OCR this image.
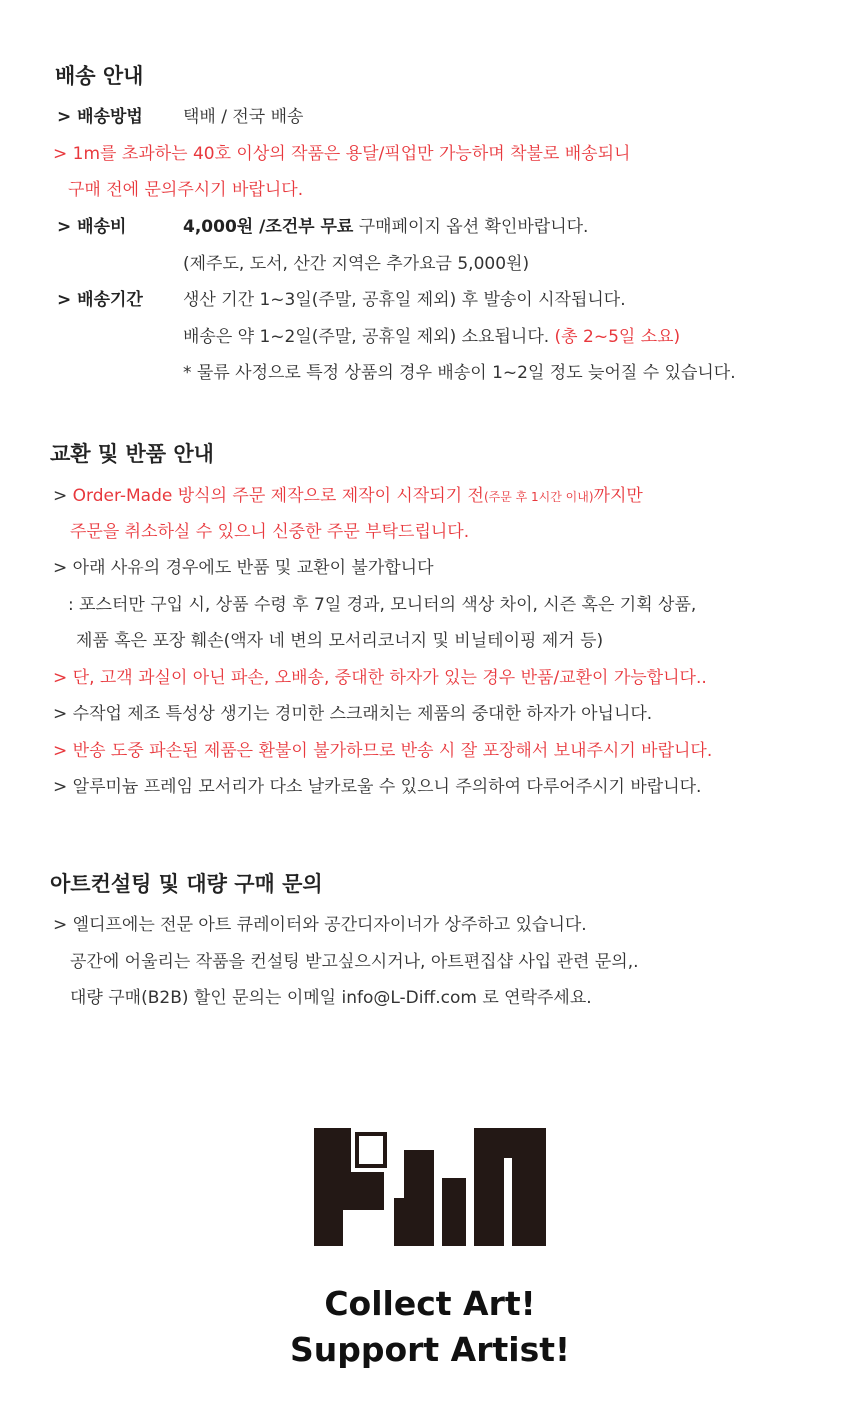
배송 안내
> 배송방법 택배 / 전국 배송
> 1m를 초과하는 40호 이상의 작품은 용달/픽업만 가능하며 착불로 배송되니
구매 전에 문의주시기 바랍니다.
> 배송비	4,000원 /조건부 무료 구매페이지 옵션 확인바랍니다.
(제주도, 도서, 산간 지역은 추가요금 5,000원)
> 배송기간 생산 기간 1~3일(주말, 공휴일 제외) 후 발송이 시작됩니다.
배송은 약 1~2일(주말, 공휴일 제외) 소요됩니다. (총 2~5일 소요)
* 물류 사정으로 특정 상품의 경우 배송이 1~2일 정도 늦어질 수 있습니다.
교환 및 반품 안내
> Order-Made 방식의 주문 제작으로 제작이 시작되기 전(주문 후 1시간 이내)까지만
주문을 취소하실 수 있으니 신중한 주문 부탁드립니다.
> 아래 사유의 경우에도 반품 및 교환이 불가합니다
: 포스터만 구입 시, 상품 수령 후 7일 경과, 모니터의 색상 차이, 시즌 혹은 기획 상품,
제품 혹은 포장 훼손(액자 네 변의 모서리코너지 및 비닐테이핑 제거 등)
> 단, 고객 과실이 아닌 파손, 오배송, 중대한 하자가 있는 경우 반품/교환이 가능합니다..
> 수작업 제조 특성상 생기는 경미한 스크래치는 제품의 중대한 하자가 아닙니다.
> 반송 도중 파손된 제품은 환불이 불가하므로 반송 시 잘 포장해서 보내주시기 바랍니다.
> 알루미늄 프레임 모서리가 다소 날카로울 수 있으니 주의하여 다루어주시기 바랍니다.
아트컨설팅 및 대량 구매 문의
> 엘디프에는 전문 아트 큐레이터와 공간디자이너가 상주하고 있습니다.
공간에 어울리는 작품을 컨설팅 받고싶으시거나, 아트편집샵 사입 관련 문의,.
대량 구매(B2B) 할인 문의는 이메일 info@L-Diff.com 로 연락주세요.
Collect Art!
Support Artist!
